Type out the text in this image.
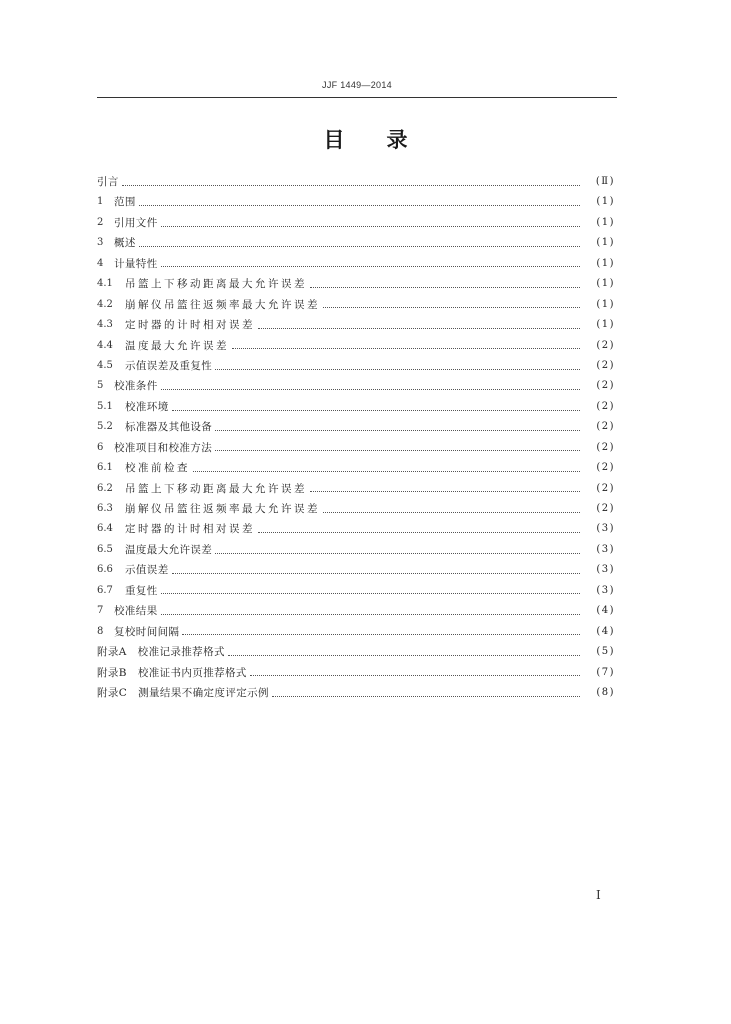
JJF 1449—2014
目录
引言	(Ⅱ)
1	范围	(1)
2	引用文件	(1)
3	概述	(1)
4	计量特性	(1)
4.1	吊篮上下移动距离最大允许误差	(1)
4.2	崩解仪吊篮往返频率最大允许误差	(1)
4.3	定时器的计时相对误差	(1)
4.4	温度最大允许误差	(2)
4.5	示值误差及重复性	(2)
5	校准条件	(2)
5.1	校准环境	(2)
5.2	标准器及其他设备	(2)
6	校准项目和校准方法	(2)
6.1	校准前检查	(2)
6.2	吊篮上下移动距离最大允许误差	(2)
6.3	崩解仪吊篮往返频率最大允许误差	(2)
6.4	定时器的计时相对误差	(3)
6.5	温度最大允许误差	(3)
6.6	示值误差	(3)
6.7	重复性	(3)
7	校准结果	(4)
8	复校时间间隔	(4)
附录A　校准记录推荐格式	(5)
附录B　校准证书内页推荐格式	(7)
附录C　测量结果不确定度评定示例	(8)
I
